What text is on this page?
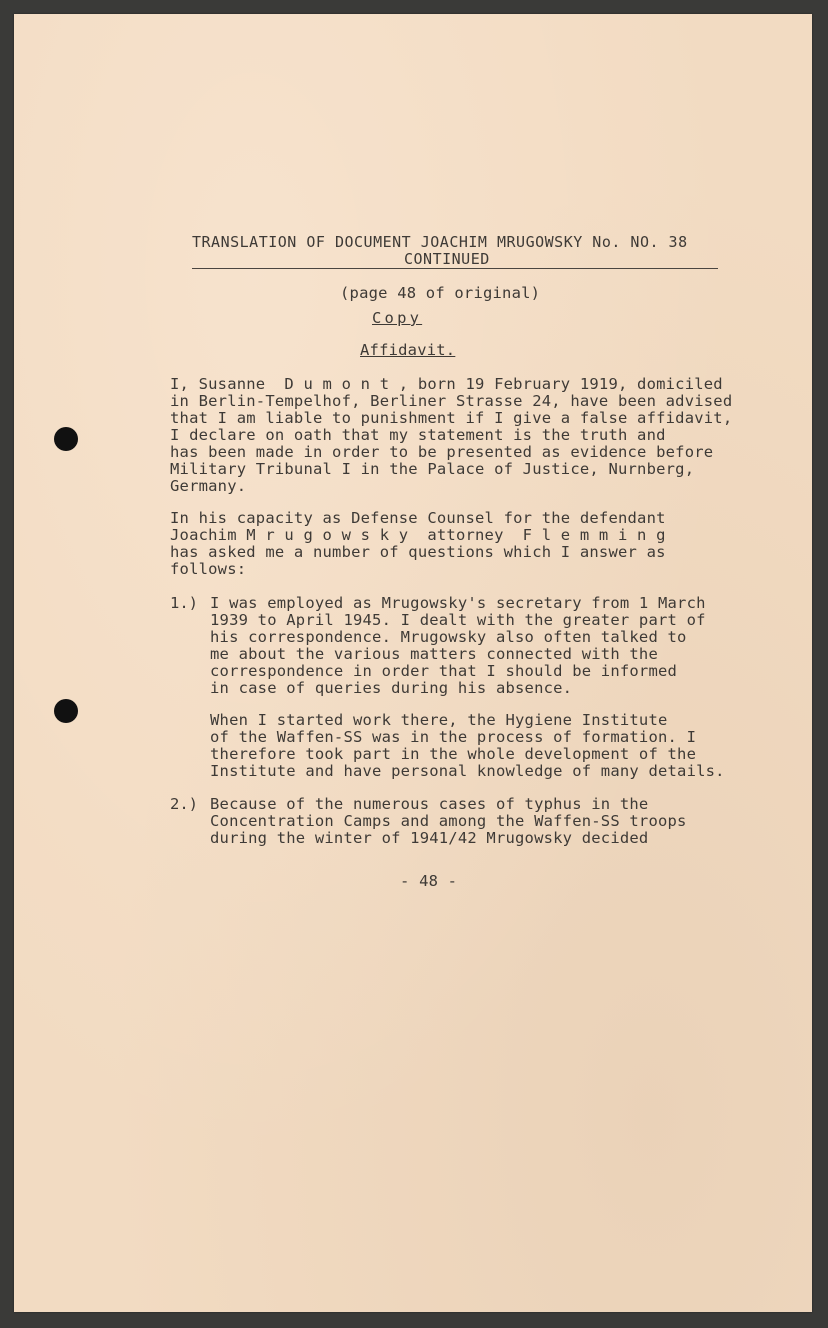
TRANSLATION OF DOCUMENT JOACHIM MRUGOWSKY No. NO. 38
CONTINUED
(page 48 of original)
Copy
Affidavit.
I, Susanne  D u m o n t , born 19 February 1919, domiciled
in Berlin-Tempelhof, Berliner Strasse 24, have been advised
that I am liable to punishment if I give a false affidavit,
I declare on oath that my statement is the truth and
has been made in order to be presented as evidence before
Military Tribunal I in the Palace of Justice, Nurnberg,
Germany.
In his capacity as Defense Counsel for the defendant
Joachim M r u g o w s k y  attorney  F l e m m i n g
has asked me a number of questions which I answer as
follows:
1.) I was employed as Mrugowsky's secretary from 1 March
1939 to April 1945. I dealt with the greater part of
his correspondence. Mrugowsky also often talked to
me about the various matters connected with the
correspondence in order that I should be informed
in case of queries during his absence.
When I started work there, the Hygiene Institute
of the Waffen-SS was in the process of formation. I
therefore took part in the whole development of the
Institute and have personal knowledge of many details.
2.) Because of the numerous cases of typhus in the
Concentration Camps and among the Waffen-SS troops
during the winter of 1941/42 Mrugowsky decided
- 48 -
